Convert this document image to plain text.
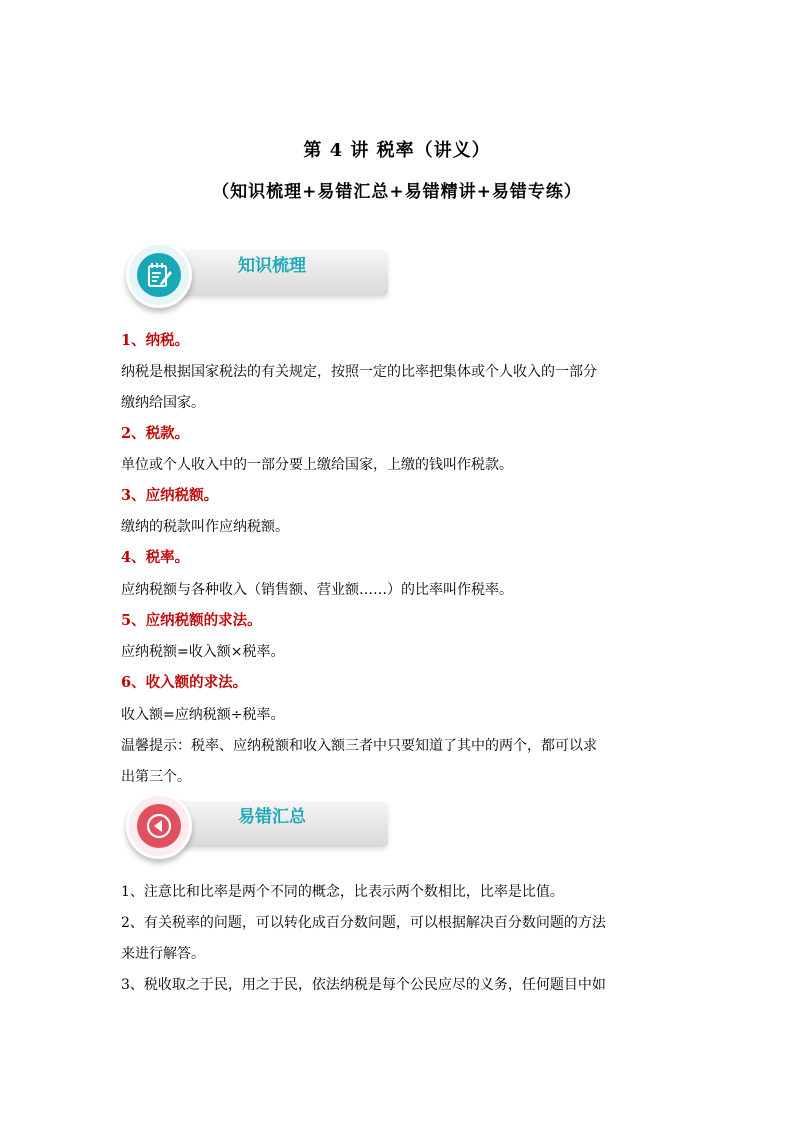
第 4 讲 税率（讲义）
（知识梳理+易错汇总+易错精讲+易错专练）
知识梳理
1、纳税。
纳税是根据国家税法的有关规定，按照一定的比率把集体或个人收入的一部分
缴纳给国家。
2、税款。
单位或个人收入中的一部分要上缴给国家，上缴的钱叫作税款。
3、应纳税额。
缴纳的税款叫作应纳税额。
4、税率。
应纳税额与各种收入（销售额、营业额……）的比率叫作税率。
5、应纳税额的求法。
应纳税额=收入额×税率。
6、收入额的求法。
收入额=应纳税额÷税率。
温馨提示：税率、应纳税额和收入额三者中只要知道了其中的两个，都可以求
出第三个。
易错汇总
1、注意比和比率是两个不同的概念，比表示两个数相比，比率是比值。
2、有关税率的问题，可以转化成百分数问题，可以根据解决百分数问题的方法
来进行解答。
3、税收取之于民，用之于民，依法纳税是每个公民应尽的义务，任何题目中如
